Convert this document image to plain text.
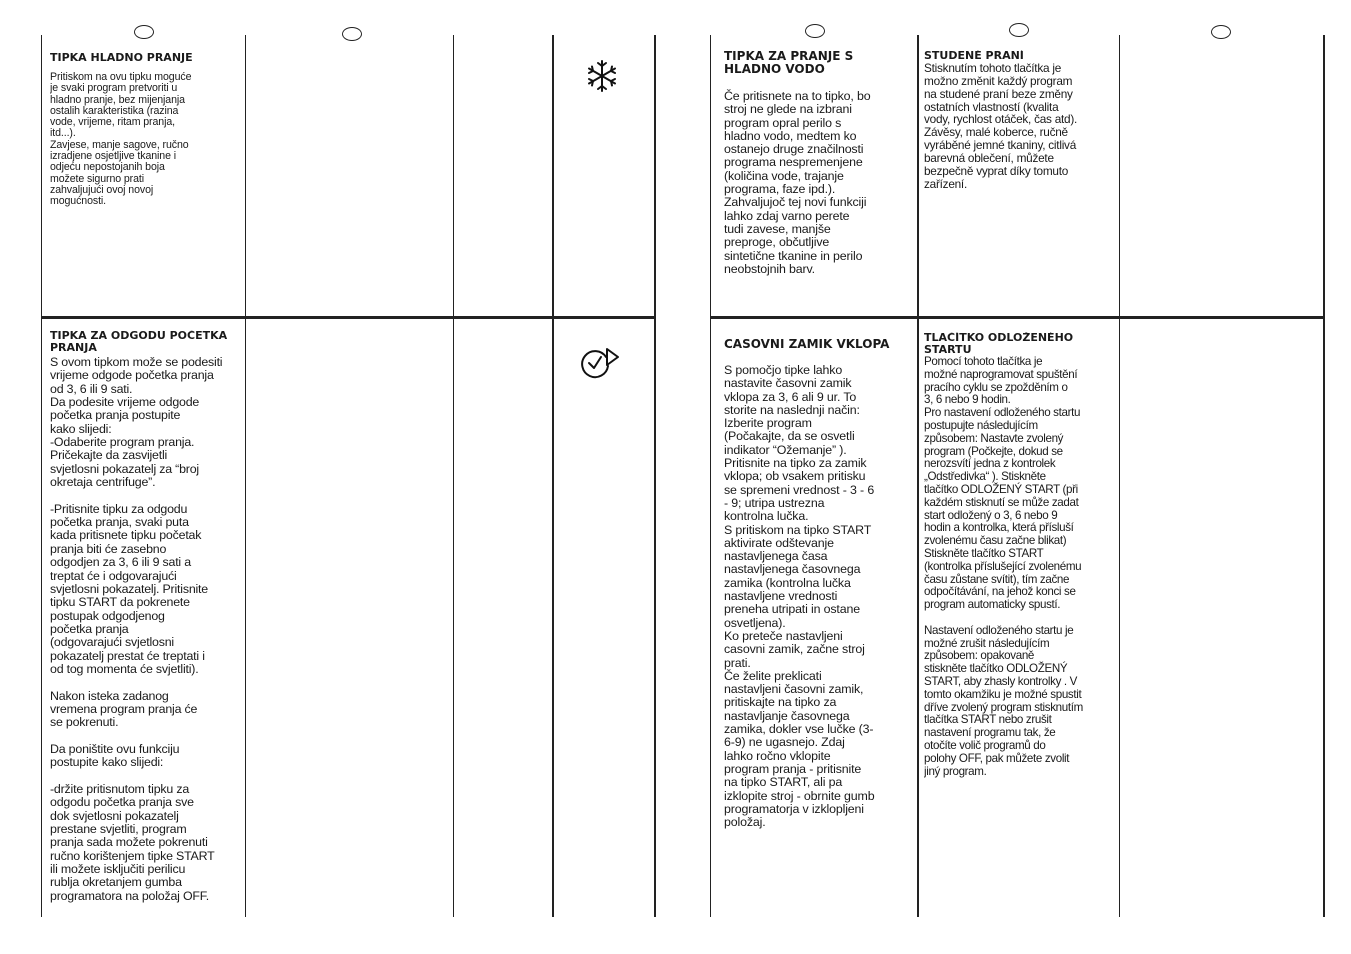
TIPKA HLADNO PRANJE

Pritiskom na ovu tipku moguće
je svaki program pretvoriti u
hladno pranje, bez mijenjanja
ostalih karakteristika (razina
vode, vrijeme, ritam pranja,
itd...).
Zavjese, manje sagove, ručno
izradjene osjetljive tkanine i
odjeću nepostojanih boja
možete sigurno prati
zahvaljujući ovoj novoj
mogućnosti.

TIPKA ZA ODGODU POČETKA PRANJA

S ovom tipkom može se podesiti
vrijeme odgode početka pranja
od 3, 6 ili 9 sati.
Da podesite vrijeme odgode
početka pranja postupite
kako slijedi:
-Odaberite program pranja.
Pričekajte da zasvijetli
svjetlosni pokazatelj za “broj
okretaja centrifuge”.

-Pritisnite tipku za odgodu
početka pranja, svaki puta
kada pritisnete tipku početak
pranja biti će zasebno
odgodjen za 3, 6 ili 9 sati a
treptat će i odgovarajući
svjetlosni pokazatelj. Pritisnite
tipku START da pokrenete
postupak odgodjenog
početka pranja
(odgovarajući svjetlosni
pokazatelj prestat će treptati i
od tog momenta će svjetliti).

Nakon isteka zadanog
vremena program pranja će
se pokrenuti.

Da poništite ovu funkciju
postupite kako slijedi:

-držite pritisnutom tipku za
odgodu početka pranja sve
dok svjetlosni pokazatelj
prestane svjetliti, program
pranja sada možete pokrenuti
ručno korištenjem tipke START
ili možete isključiti perilicu
rublja okretanjem gumba
programatora na položaj OFF.

TIPKA ZA PRANJE S HLADNO VODO

Če pritisnete na to tipko, bo
stroj ne glede na izbrani
program opral perilo s
hladno vodo, medtem ko
ostanejo druge značilnosti
programa nespremenjene
(količina vode, trajanje
programa, faze ipd.).
Zahvaljujoč tej novi funkciji
lahko zdaj varno perete
tudi zavese, manjše
preproge, občutljive
sintetične tkanine in perilo
neobstojnih barv.

ČASOVNI ZAMIK VKLOPA

S pomočjo tipke lahko
nastavite časovni zamik
vklopa za 3, 6 ali 9 ur. To
storite na naslednji način:
Izberite program
(Počakajte, da se osvetli
indikator “Ožemanje” ).
Pritisnite na tipko za zamik
vklopa; ob vsakem pritisku
se spremeni vrednost - 3 - 6
- 9; utripa ustrezna
kontrolna lučka.
S pritiskom na tipko START
aktivirate odštevanje
nastavljenega časa
nastavljenega časovnega
zamika (kontrolna lučka
nastavljene vrednosti
preneha utripati in ostane
osvetljena).
Ko preteče nastavljeni
casovni zamik, začne stroj
prati.
Če želite preklicati
nastavljeni časovni zamik,
pritiskajte na tipko za
nastavljanje časovnega
zamika, dokler vse lučke (3-
6-9) ne ugasnejo. Zdaj
lahko ročno vklopite
program pranja - pritisnite
na tipko START, ali pa
izklopite stroj - obrnite gumb
programatorja v izklopljeni
položaj.

STUDENÉ PRANÍ

Stisknutím tohoto tlačítka je
možno změnit každý program
na studené praní beze změny
ostatních vlastností (kvalita
vody, rychlost otáček, čas atd).
Závěsy, malé koberce, ručně
vyráběné jemné tkaniny, citlivá
barevná oblečení, můžete
bezpečně vyprat díky tomuto
zařízení.

TLAČÍTKO ODLOŽENÉHO STARTU

Pomocí tohoto tlačítka je
možné naprogramovat spuštění
pracího cyklu se zpožděním o
3, 6 nebo 9 hodin.
Pro nastavení odloženého startu
postupujte následujícím
způsobem: Nastavte zvolený
program (Počkejte, dokud se
nerozsvítí jedna z kontrolek
„Odstředivka“ ). Stiskněte
tlačítko ODLOŽENÝ START (při
každém stisknutí se může zadat
start odložený o 3, 6 nebo 9
hodin a kontrolka, která přísluší
zvolenému času začne blikat)
Stiskněte tlačítko START
(kontrolka příslušející zvolenému
času zůstane svítit), tím začne
odpočítávání, na jehož konci se
program automaticky spustí.

Nastavení odloženého startu je
možné zrušit následujícím
způsobem: opakovaně
stiskněte tlačítko ODLOŽENÝ
START, aby zhasly kontrolky . V
tomto okamžiku je možné spustit
dříve zvolený program stisknutím
tlačítka START nebo zrušit
nastavení programu tak, že
otočíte volič programů do
polohy OFF, pak můžete zvolit
jiný program.
